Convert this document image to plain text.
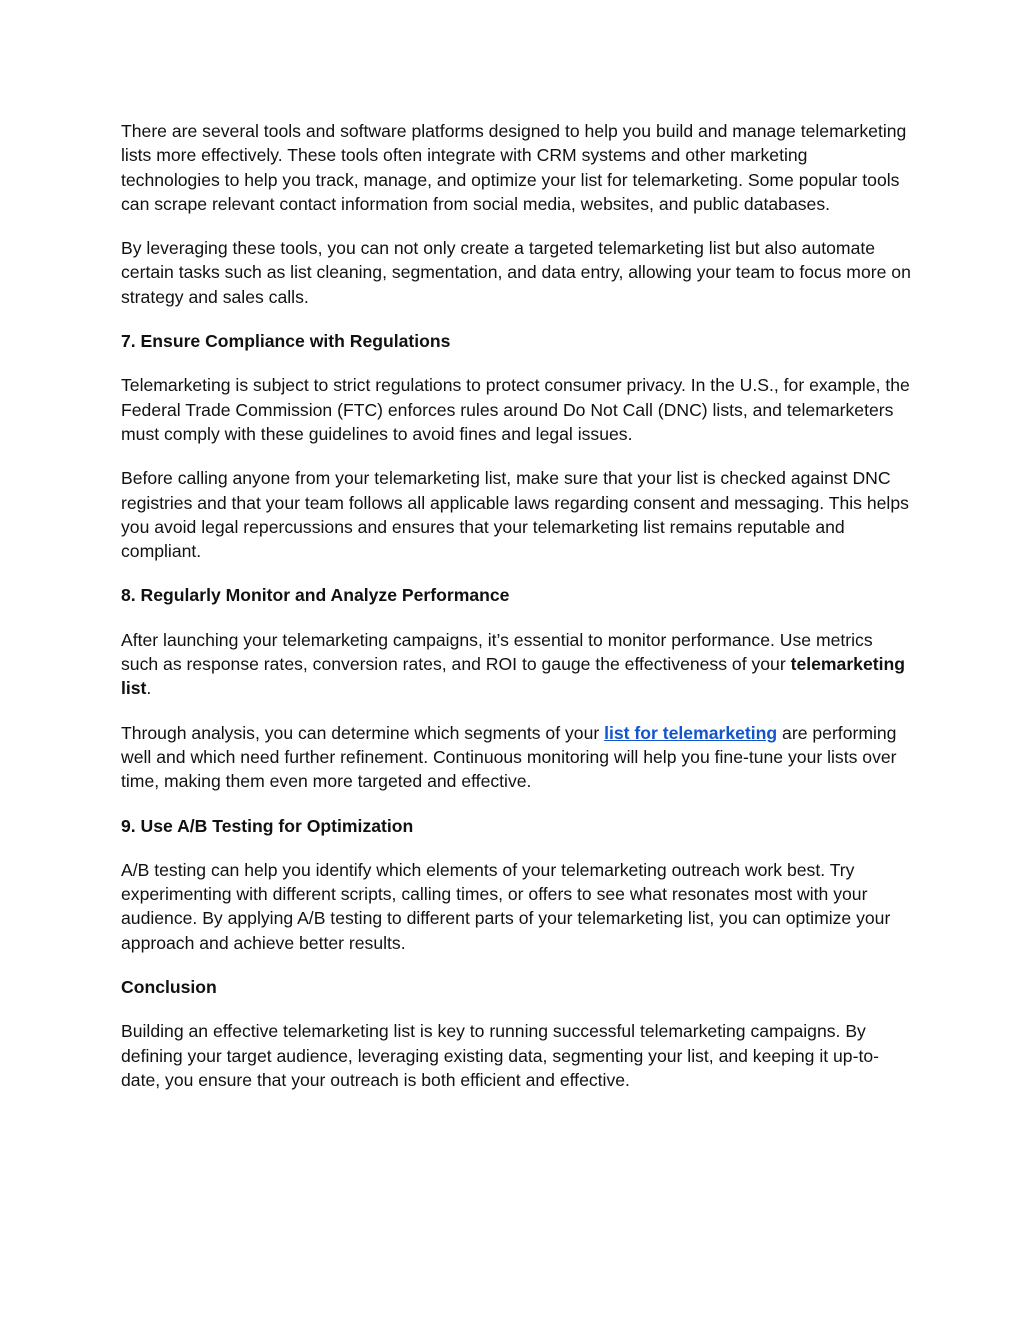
There are several tools and software platforms designed to help you build and manage telemarketing lists more effectively. These tools often integrate with CRM systems and other marketing technologies to help you track, manage, and optimize your list for telemarketing. Some popular tools can scrape relevant contact information from social media, websites, and public databases.

By leveraging these tools, you can not only create a targeted telemarketing list but also automate certain tasks such as list cleaning, segmentation, and data entry, allowing your team to focus more on strategy and sales calls.

7. Ensure Compliance with Regulations

Telemarketing is subject to strict regulations to protect consumer privacy. In the U.S., for example, the Federal Trade Commission (FTC) enforces rules around Do Not Call (DNC) lists, and telemarketers must comply with these guidelines to avoid fines and legal issues.

Before calling anyone from your telemarketing list, make sure that your list is checked against DNC registries and that your team follows all applicable laws regarding consent and messaging. This helps you avoid legal repercussions and ensures that your telemarketing list remains reputable and compliant.

8. Regularly Monitor and Analyze Performance

After launching your telemarketing campaigns, it’s essential to monitor performance. Use metrics such as response rates, conversion rates, and ROI to gauge the effectiveness of your telemarketing list.

Through analysis, you can determine which segments of your list for telemarketing are performing well and which need further refinement. Continuous monitoring will help you fine-tune your lists over time, making them even more targeted and effective.

9. Use A/B Testing for Optimization

A/B testing can help you identify which elements of your telemarketing outreach work best. Try experimenting with different scripts, calling times, or offers to see what resonates most with your audience. By applying A/B testing to different parts of your telemarketing list, you can optimize your approach and achieve better results.

Conclusion

Building an effective telemarketing list is key to running successful telemarketing campaigns. By defining your target audience, leveraging existing data, segmenting your list, and keeping it up-to-date, you ensure that your outreach is both efficient and effective.
